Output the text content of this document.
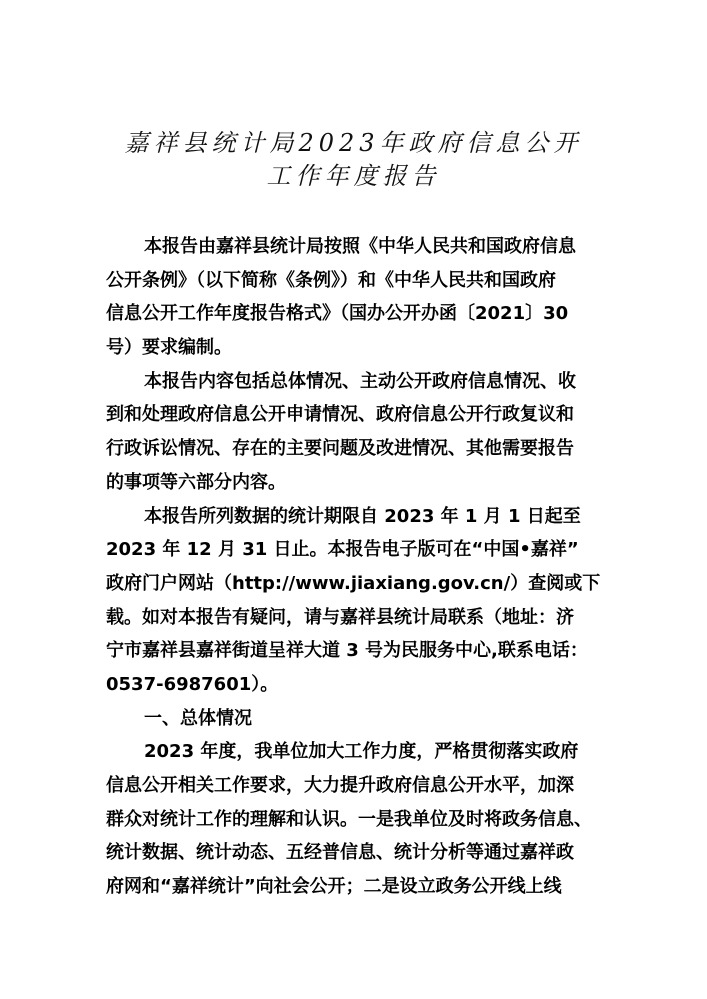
嘉祥县统计局2023年政府信息公开
工作年度报告
本报告由嘉祥县统计局按照《中华人民共和国政府信息
公开条例》（以下简称《条例》）和《中华人民共和国政府
信息公开工作年度报告格式》（国办公开办函〔2021〕30
号）要求编制。
本报告内容包括总体情况、主动公开政府信息情况、收
到和处理政府信息公开申请情况、政府信息公开行政复议和
行政诉讼情况、存在的主要问题及改进情况、其他需要报告
的事项等六部分内容。
本报告所列数据的统计期限自 2023 年 1 月 1 日起至
2023 年 12 月 31 日止。本报告电子版可在“中国•嘉祥”
政府门户网站（http://www.jiaxiang.gov.cn/）查阅或下
载。如对本报告有疑问，请与嘉祥县统计局联系（地址：济
宁市嘉祥县嘉祥街道呈祥大道 3 号为民服务中心,联系电话：
0537-6987601）。
一、总体情况
2023 年度，我单位加大工作力度，严格贯彻落实政府
信息公开相关工作要求，大力提升政府信息公开水平，加深
群众对统计工作的理解和认识。一是我单位及时将政务信息、
统计数据、统计动态、五经普信息、统计分析等通过嘉祥政
府网和“嘉祥统计”向社会公开；二是设立政务公开线上线
